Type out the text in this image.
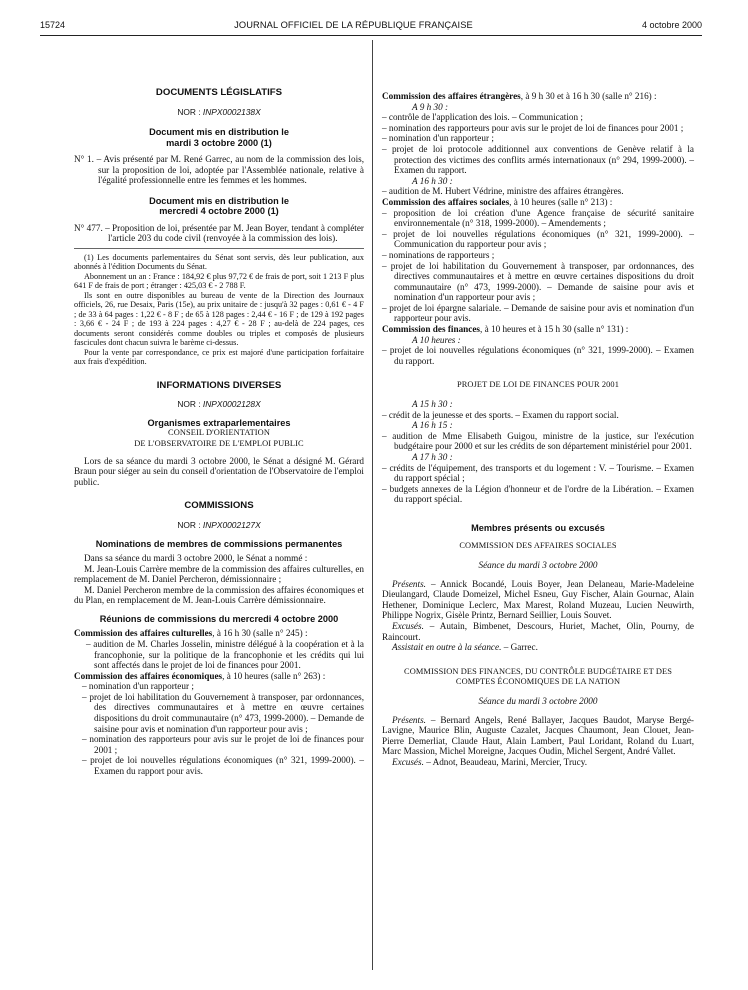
15724	JOURNAL OFFICIEL DE LA RÉPUBLIQUE FRANÇAISE	4 octobre 2000
DOCUMENTS LÉGISLATIFS
NOR : INPX0002138X
Document mis en distribution le mardi 3 octobre 2000 (1)
N° 1. – Avis présenté par M. René Garrec, au nom de la commission des lois, sur la proposition de loi, adoptée par l'Assemblée nationale, relative à l'égalité professionnelle entre les femmes et les hommes.
Document mis en distribution le mercredi 4 octobre 2000 (1)
N° 477. – Proposition de loi, présentée par M. Jean Boyer, tendant à compléter l'article 203 du code civil (renvoyée à la commission des lois).
(1) Les documents parlementaires du Sénat sont servis, dès leur publication, aux abonnés à l'édition Documents du Sénat.
Abonnement un an : France : 184,92 € plus 97,72 € de frais de port, soit 1 213 F plus 641 F de frais de port ; étranger : 425,03 € - 2 788 F.
Ils sont en outre disponibles au bureau de vente de la Direction des Journaux officiels, 26, rue Desaix, Paris (15e), au prix unitaire de : jusqu'à 32 pages : 0,61 € - 4 F ; de 33 à 64 pages : 1,22 € - 8 F ; de 65 à 128 pages : 2,44 € - 16 F ; de 129 à 192 pages : 3,66 € - 24 F ; de 193 à 224 pages : 4,27 € - 28 F ; au-delà de 224 pages, ces documents seront considérés comme doubles ou triples et composés de plusieurs fascicules dont chacun suivra le barème ci-dessus.
Pour la vente par correspondance, ce prix est majoré d'une participation forfaitaire aux frais d'expédition.
INFORMATIONS DIVERSES
NOR : INPX0002128X
Organismes extraparlementaires
CONSEIL D'ORIENTATION
DE L'OBSERVATOIRE DE L'EMPLOI PUBLIC
Lors de sa séance du mardi 3 octobre 2000, le Sénat a désigné M. Gérard Braun pour siéger au sein du conseil d'orientation de l'Observatoire de l'emploi public.
COMMISSIONS
NOR : INPX0002127X
Nominations de membres de commissions permanentes
Dans sa séance du mardi 3 octobre 2000, le Sénat a nommé :
M. Jean-Louis Carrère membre de la commission des affaires culturelles, en remplacement de M. Daniel Percheron, démissionnaire ;
M. Daniel Percheron membre de la commission des affaires économiques et du Plan, en remplacement de M. Jean-Louis Carrère démissionnaire.
Réunions de commissions du mercredi 4 octobre 2000
Commission des affaires culturelles, à 16 h 30 (salle n° 245) :
– audition de M. Charles Josselin, ministre délégué à la coopération et à la francophonie, sur la politique de la francophonie et les crédits qui lui sont affectés dans le projet de loi de finances pour 2001.
Commission des affaires économiques, à 10 heures (salle n° 263) :
– nomination d'un rapporteur ;
– projet de loi habilitation du Gouvernement à transposer, par ordonnances, des directives communautaires et à mettre en œuvre certaines dispositions du droit communautaire (n° 473, 1999-2000). – Demande de saisine pour avis et nomination d'un rapporteur pour avis ;
– nomination des rapporteurs pour avis sur le projet de loi de finances pour 2001 ;
– projet de loi nouvelles régulations économiques (n° 321, 1999-2000). – Examen du rapport pour avis.
Commission des affaires étrangères, à 9 h 30 et à 16 h 30 (salle n° 216) :
A 9 h 30 :
– contrôle de l'application des lois. – Communication ;
– nomination des rapporteurs pour avis sur le projet de loi de finances pour 2001 ;
– nomination d'un rapporteur ;
– projet de loi protocole additionnel aux conventions de Genève relatif à la protection des victimes des conflits armés internationaux (n° 294, 1999-2000). – Examen du rapport.
A 16 h 30 :
– audition de M. Hubert Védrine, ministre des affaires étrangères.
Commission des affaires sociales, à 10 heures (salle n° 213) :
– proposition de loi création d'une Agence française de sécurité sanitaire environnementale (n° 318, 1999-2000). – Amendements ;
– projet de loi nouvelles régulations économiques (n° 321, 1999-2000). – Communication du rapporteur pour avis ;
– nominations de rapporteurs ;
– projet de loi habilitation du Gouvernement à transposer, par ordonnances, des directives communautaires et à mettre en œuvre certaines dispositions du droit communautaire (n° 473, 1999-2000). – Demande de saisine pour avis et nomination d'un rapporteur pour avis ;
– projet de loi épargne salariale. – Demande de saisine pour avis et nomination d'un rapporteur pour avis.
Commission des finances, à 10 heures et à 15 h 30 (salle n° 131) :
A 10 heures :
– projet de loi nouvelles régulations économiques (n° 321, 1999-2000). – Examen du rapport.
PROJET DE LOI DE FINANCES POUR 2001
A 15 h 30 :
– crédit de la jeunesse et des sports. – Examen du rapport social.
A 16 h 15 :
– audition de Mme Elisabeth Guigou, ministre de la justice, sur l'exécution budgétaire pour 2000 et sur les crédits de son département ministériel pour 2001.
A 17 h 30 :
– crédits de l'équipement, des transports et du logement : V. – Tourisme. – Examen du rapport spécial ;
– budgets annexes de la Légion d'honneur et de l'ordre de la Libération. – Examen du rapport spécial.
Membres présents ou excusés
COMMISSION DES AFFAIRES SOCIALES
Séance du mardi 3 octobre 2000
Présents. – Annick Bocandé, Louis Boyer, Jean Delaneau, Marie-Madeleine Dieulangard, Claude Domeizel, Michel Esneu, Guy Fischer, Alain Gournac, Alain Hethener, Dominique Leclerc, Max Marest, Roland Muzeau, Lucien Neuwirth, Philippe Nogrix, Gisèle Printz, Bernard Seillier, Louis Souvet.
Excusés. – Autain, Bimbenet, Descours, Huriet, Machet, Olin, Pourny, de Raincourt.
Assistait en outre à la séance. – Garrec.
COMMISSION DES FINANCES, DU CONTRÔLE BUDGÉTAIRE ET DES COMPTES ÉCONOMIQUES DE LA NATION
Séance du mardi 3 octobre 2000
Présents. – Bernard Angels, René Ballayer, Jacques Baudot, Maryse Bergé-Lavigne, Maurice Blin, Auguste Cazalet, Jacques Chaumont, Jean Clouet, Jean-Pierre Demerliat, Claude Haut, Alain Lambert, Paul Loridant, Roland du Luart, Marc Massion, Michel Moreigne, Jacques Oudin, Michel Sergent, André Vallet.
Excusés. – Adnot, Beaudeau, Marini, Mercier, Trucy.
